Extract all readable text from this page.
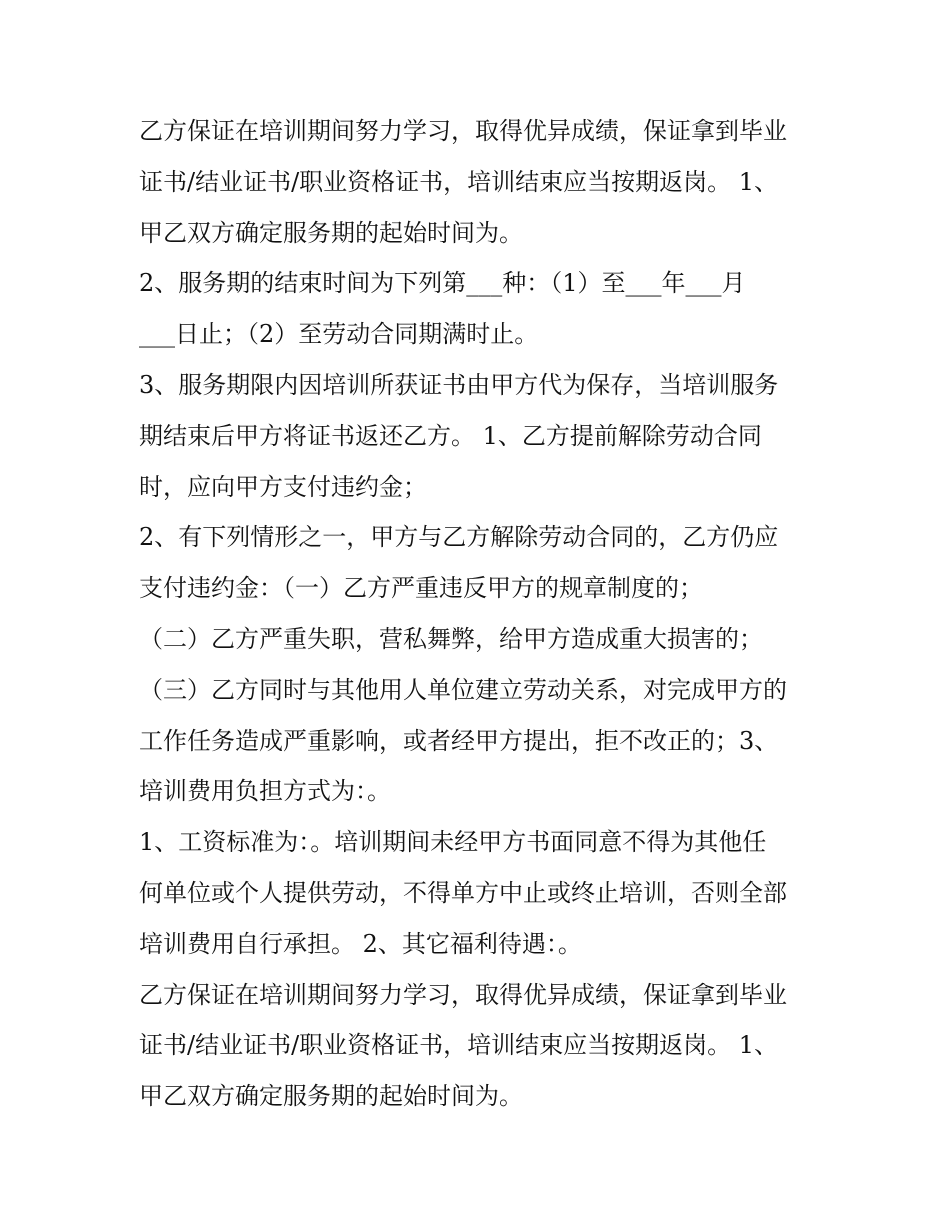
乙方保证在培训期间努力学习，取得优异成绩，保证拿到毕业
证书/结业证书/职业资格证书，培训结束应当按期返岗。 1、
甲乙双方确定服务期的起始时间为。
2、服务期的结束时间为下列第___种：（1）至___年___月
___日止；（2）至劳动合同期满时止。
3、服务期限内因培训所获证书由甲方代为保存，当培训服务
期结束后甲方将证书返还乙方。 1、乙方提前解除劳动合同
时，应向甲方支付违约金；
2、有下列情形之一，甲方与乙方解除劳动合同的，乙方仍应
支付违约金：（一）乙方严重违反甲方的规章制度的；
（二）乙方严重失职，营私舞弊，给甲方造成重大损害的；
（三）乙方同时与其他用人单位建立劳动关系，对完成甲方的
工作任务造成严重影响，或者经甲方提出，拒不改正的；3、
培训费用负担方式为：。
1、工资标准为：。培训期间未经甲方书面同意不得为其他任
何单位或个人提供劳动，不得单方中止或终止培训，否则全部
培训费用自行承担。 2、其它福利待遇：。
乙方保证在培训期间努力学习，取得优异成绩，保证拿到毕业
证书/结业证书/职业资格证书，培训结束应当按期返岗。 1、
甲乙双方确定服务期的起始时间为。
